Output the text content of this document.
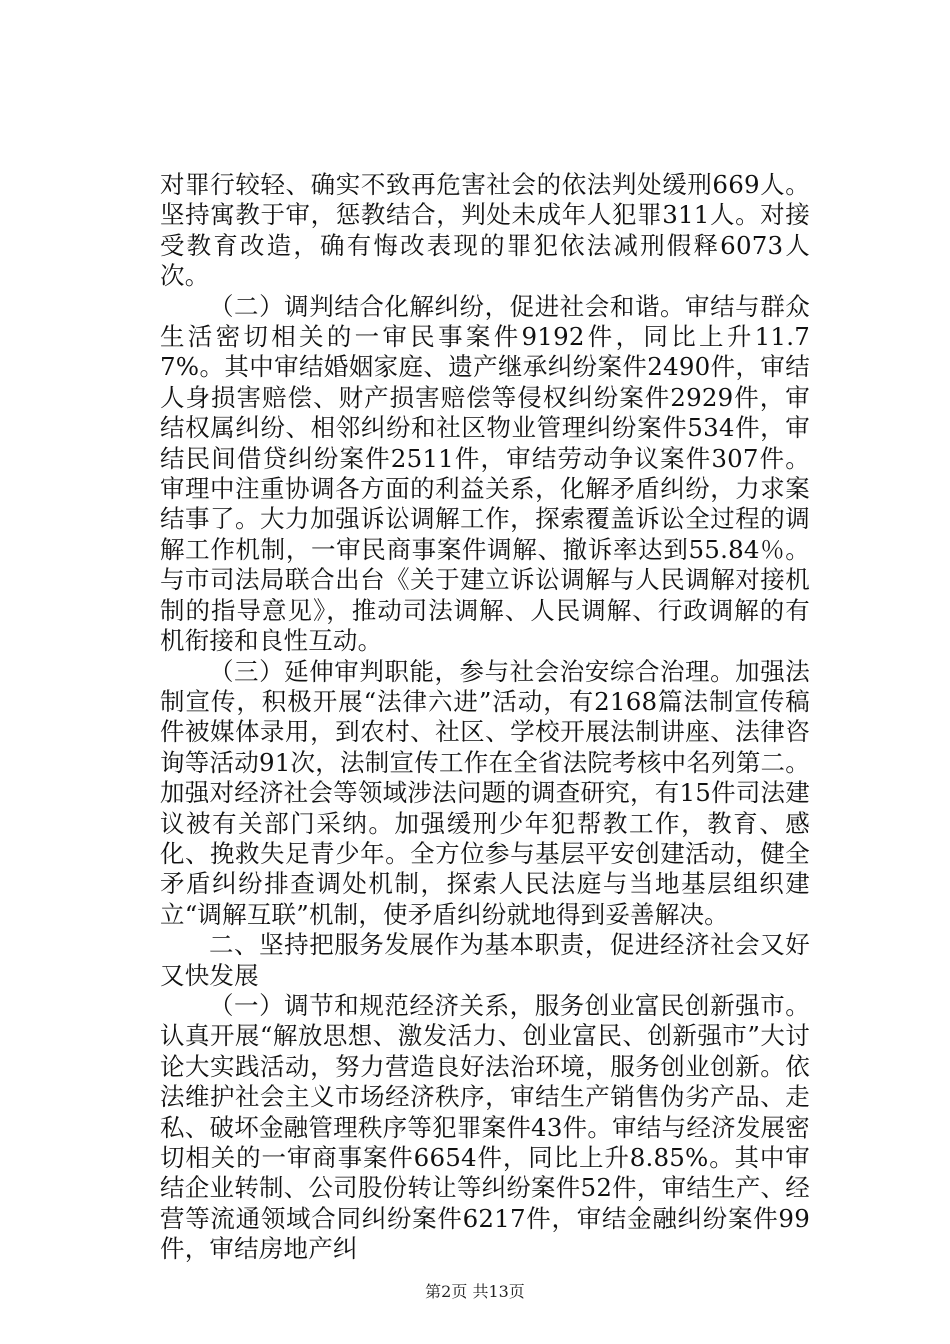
对罪行较轻、确实不致再危害社会的依法判处缓刑669人。坚持寓教于审，惩教结合，判处未成年人犯罪311人。对接受教育改造，确有悔改表现的罪犯依法减刑假释6073人次。

（二）调判结合化解纠纷，促进社会和谐。审结与群众生活密切相关的一审民事案件9192件，同比上升11.77%。其中审结婚姻家庭、遗产继承纠纷案件2490件，审结人身损害赔偿、财产损害赔偿等侵权纠纷案件2929件，审结权属纠纷、相邻纠纷和社区物业管理纠纷案件534件，审结民间借贷纠纷案件2511件，审结劳动争议案件307件。审理中注重协调各方面的利益关系，化解矛盾纠纷，力求案结事了。大力加强诉讼调解工作，探索覆盖诉讼全过程的调解工作机制，一审民商事案件调解、撤诉率达到55.84％。与市司法局联合出台《关于建立诉讼调解与人民调解对接机制的指导意见》，推动司法调解、人民调解、行政调解的有机衔接和良性互动。

（三）延伸审判职能，参与社会治安综合治理。加强法制宣传，积极开展“法律六进”活动，有2168篇法制宣传稿件被媒体录用，到农村、社区、学校开展法制讲座、法律咨询等活动91次，法制宣传工作在全省法院考核中名列第二。加强对经济社会等领域涉法问题的调查研究，有15件司法建议被有关部门采纳。加强缓刑少年犯帮教工作，教育、感化、挽救失足青少年。全方位参与基层平安创建活动，健全矛盾纠纷排查调处机制，探索人民法庭与当地基层组织建立“调解互联”机制，使矛盾纠纷就地得到妥善解决。

二、坚持把服务发展作为基本职责，促进经济社会又好又快发展

（一）调节和规范经济关系，服务创业富民创新强市。认真开展“解放思想、激发活力、创业富民、创新强市”大讨论大实践活动，努力营造良好法治环境，服务创业创新。依法维护社会主义市场经济秩序，审结生产销售伪劣产品、走私、破坏金融管理秩序等犯罪案件43件。审结与经济发展密切相关的一审商事案件6654件，同比上升8.85%。其中审结企业转制、公司股份转让等纠纷案件52件，审结生产、经营等流通领域合同纠纷案件6217件，审结金融纠纷案件99件，审结房地产纠

第2页 共13页
